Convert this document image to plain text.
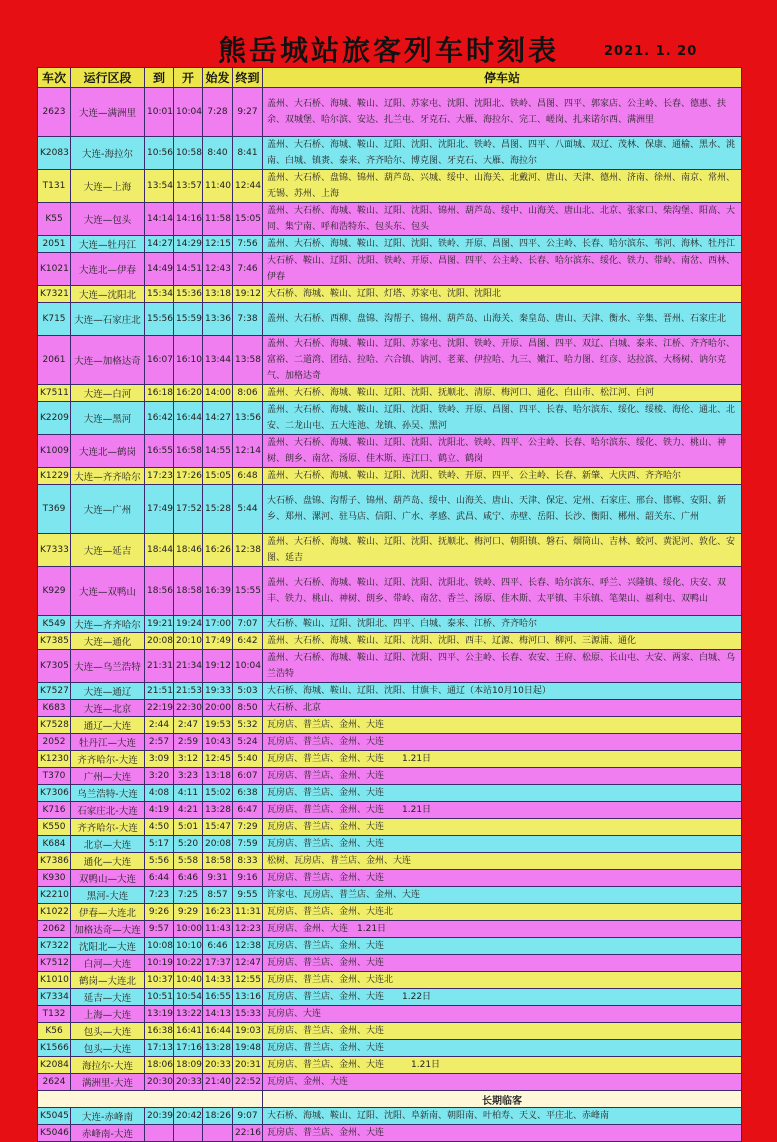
熊岳城站旅客列车时刻表	2021. 1. 20
车次	运行区段	到	开	始发	终到	停车站
2623	大连—满洲里	10:01	10:04	7:28	9:27	盖州、大石桥、海城、鞍山、辽阳、苏家屯、沈阳、沈阳北、铁岭、昌图、四平、郭家店、公主岭、长春、德惠、扶余、双城堡、哈尔滨、安达、扎兰屯、牙克石、大雁、海拉尔、完工、嵯岗、扎来诺尔西、满洲里
K2083	大连-海拉尔	10:56	10:58	8:40	8:41	盖州、大石桥、海城、鞍山、辽阳、沈阳、沈阳北、铁岭、昌图、四平、八面城、双辽、茂林、保康、通榆、黑水、洮南、白城、镇赉、泰来、齐齐哈尔、博克图、牙克石、大雁、海拉尔
T131	大连—上海	13:54	13:57	11:40	12:44	盖州、大石桥、盘锦、锦州、葫芦岛、兴城、绥中、山海关、北戴河、唐山、天津、德州、济南、徐州、南京、常州、无锡、苏州、上海
K55	大连—包头	14:14	14:16	11:58	15:05	盖州、大石桥、海城、鞍山、辽阳、沈阳、锦州、葫芦岛、绥中、山海关、唐山北、北京、张家口、柴沟堡、阳高、大同、集宁南、呼和浩特东、包头东、包头
2051	大连—牡丹江	14:27	14:29	12:15	7:56	盖州、大石桥、海城、鞍山、辽阳、沈阳、铁岭、开原、昌图、四平、公主岭、长春、哈尔滨东、苇河、海林、牡丹江
K1021	大连北—伊春	14:49	14:51	12:43	7:46	大石桥、鞍山、辽阳、沈阳、铁岭、开原、昌图、四平、公主岭、长春、哈尔滨东、绥化、铁力、带岭、南岔、西林、伊春
K7321	大连—沈阳北	15:34	15:36	13:18	19:12	大石桥、海城、鞍山、辽阳、灯塔、苏家屯、沈阳、沈阳北
K715	大连—石家庄北	15:56	15:59	13:36	7:38	盖州、大石桥、西柳、盘锦、沟帮子、锦州、葫芦岛、山海关、秦皇岛、唐山、天津、衡水、辛集、晋州、石家庄北
2061	大连—加格达奇	16:07	16:10	13:44	13:58	盖州、大石桥、海城、鞍山、辽阳、苏家屯、沈阳、铁岭、开原、昌图、四平、双辽、白城、泰来、江桥、齐齐哈尔、富裕、二道湾、团结、拉哈、六合镇、讷河、老莱、伊拉哈、九三、嫩江、哈力图、红彦、达拉滨、大杨树、讷尔克气、加格达奇
K7511	大连—白河	16:18	16:20	14:00	8:06	盖州、大石桥、海城、鞍山、辽阳、沈阳、抚顺北、清原、梅河口、通化、白山市、松江河、白河
K2209	大连—黑河	16:42	16:44	14:27	13:56	盖州、大石桥、海城、鞍山、辽阳、沈阳、铁岭、开原、昌图、四平、长春、哈尔滨东、绥化、绥棱、海伦、通北、北安、二龙山屯、五大连池、龙镇、孙吴、黑河
K1009	大连北—鹤岗	16:55	16:58	14:55	12:14	盖州、大石桥、海城、鞍山、辽阳、沈阳、沈阳北、铁岭、四平、公主岭、长春、哈尔滨东、绥化、铁力、桃山、神树、朗乡、南岔、汤原、佳木斯、连江口、鹤立、鹤岗
K1229	大连—齐齐哈尔	17:23	17:26	15:05	6:48	盖州、大石桥、海城、鞍山、辽阳、沈阳、铁岭、开原、四平、公主岭、长春、新肇、大庆西、齐齐哈尔
T369	大连—广州	17:49	17:52	15:28	5:44	大石桥、盘锦、沟帮子、锦州、葫芦岛、绥中、山海关、唐山、天津、保定、定州、石家庄、邢台、邯郸、安阳、新乡、郑州、漯河、驻马店、信阳、广水、孝感、武昌、咸宁、赤壁、岳阳、长沙、衡阳、郴州、韶关东、广州
K7333	大连—延吉	18:44	18:46	16:26	12:38	盖州、大石桥、海城、鞍山、辽阳、沈阳、抚顺北、梅河口、朝阳镇、磐石、烟筒山、吉林、蛟河、黄泥河、敦化、安图、延吉
K929	大连—双鸭山	18:56	18:58	16:39	15:55	盖州、大石桥、海城、鞍山、辽阳、沈阳、沈阳北、铁岭、四平、长春、哈尔滨东、呼兰、兴隆镇、绥化、庆安、双丰、铁力、桃山、神树、朗乡、带岭、南岔、香兰、汤原、佳木斯、太平镇、丰乐镇、笔架山、福利屯、双鸭山
K549	大连—齐齐哈尔	19:21	19:24	17:00	7:07	大石桥、鞍山、辽阳、沈阳北、四平、白城、泰来、江桥、齐齐哈尔
K7385	大连—通化	20:08	20:10	17:49	6:42	盖州、大石桥、海城、鞍山、辽阳、沈阳、沈阳、西丰、辽源、梅河口、柳河、三源浦、通化
K7305	大连—乌兰浩特	21:31	21:34	19:12	10:04	盖州、大石桥、海城、鞍山、辽阳、沈阳、四平、公主岭、长春、农安、王府、松原、长山屯、大安、两家、白城、乌兰浩特
K7527	大连—通辽	21:51	21:53	19:33	5:03	大石桥、海城、鞍山、辽阳、沈阳、甘旗卡、通辽（本站10月10日起）
K683	大连—北京	22:19	22:30	20:00	8:50	大石桥、北京
K7528	通辽—大连	2:44	2:47	19:53	5:32	瓦房店、普兰店、金州、大连
2052	牡丹江—大连	2:57	2:59	10:43	5:24	瓦房店、普兰店、金州、大连
K1230	齐齐哈尔-大连	3:09	3:12	12:45	5:40	瓦房店、普兰店、金州、大连　　1.21日
T370	广州—大连	3:20	3:23	13:18	6:07	瓦房店、普兰店、金州、大连
K7306	乌兰浩特-大连	4:08	4:11	15:02	6:38	瓦房店、普兰店、金州、大连
K716	石家庄北-大连	4:19	4:21	13:28	6:47	瓦房店、普兰店、金州、大连　　1.21日
K550	齐齐哈尔-大连	4:50	5:01	15:47	7:29	瓦房店、普兰店、金州、大连
K684	北京—大连	5:17	5:20	20:08	7:59	瓦房店、普兰店、金州、大连
K7386	通化—大连	5:56	5:58	18:58	8:33	松树、瓦房店、普兰店、金州、大连
K930	双鸭山—大连	6:44	6:46	9:31	9:16	瓦房店、普兰店、金州、大连
K2210	黑河-大连	7:23	7:25	8:57	9:55	许家屯、瓦房店、普兰店、金州、大连
K1022	伊春—大连北	9:26	9:29	16:23	11:31	瓦房店、普兰店、金州、大连北
2062	加格达奇—大连	9:57	10:00	11:43	12:23	瓦房店、金州、大连　1.21日
K7322	沈阳北—大连	10:08	10:10	6:46	12:38	瓦房店、普兰店、金州、大连
K7512	白河—大连	10:19	10:22	17:37	12:47	瓦房店、普兰店、金州、大连
K1010	鹤岗—大连北	10:37	10:40	14:33	12:55	瓦房店、普兰店、金州、大连北
K7334	延吉—大连	10:51	10:54	16:55	13:16	瓦房店、普兰店、金州、大连　　1.22日
T132	上海—大连	13:19	13:22	14:13	15:33	瓦房店、大连
K56	包头—大连	16:38	16:41	16:44	19:03	瓦房店、普兰店、金州、大连
K1566	包头—大连	17:13	17:16	13:28	19:48	瓦房店、普兰店、金州、大连
K2084	海拉尔-大连	18:06	18:09	20:33	20:31	瓦房店、普兰店、金州、大连　　　1.21日
2624	满洲里-大连	20:30	20:33	21:40	22:52	瓦房店、金州、大连
						长期临客
K5045	大连-赤峰南	20:39	20:42	18:26	9:07	大石桥、海城、鞍山、辽阳、沈阳、阜新南、朝阳南、叶柏寿、天义、平庄北、赤峰南
K5046	赤峰南-大连				22:16	瓦房店、普兰店、金州、大连
